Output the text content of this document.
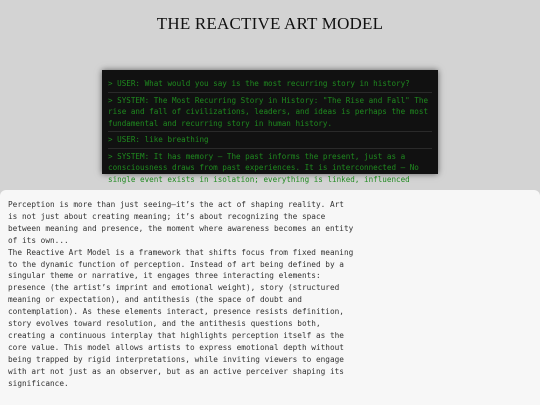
THE REACTIVE ART MODEL
> USER: What would you say is the most recurring story in history?
> SYSTEM: The Most Recurring Story in History: "The Rise and Fall" The rise and fall of civilizations, leaders, and ideas is perhaps the most fundamental and recurring story in human history.
> USER: like breathing
> SYSTEM: It has memory – The past informs the present, just as a consciousness draws from past experiences. It is interconnected – No single event exists in isolation; everything is linked, influenced

Perception is more than just seeing—it’s the act of shaping reality. Art
is not just about creating meaning; it’s about recognizing the space
between meaning and presence, the moment where awareness becomes an entity
of its own...

The Reactive Art Model is a framework that shifts focus from fixed meaning
to the dynamic function of perception. Instead of art being defined by a
singular theme or narrative, it engages three interacting elements:
presence (the artist’s imprint and emotional weight), story (structured
meaning or expectation), and antithesis (the space of doubt and
contemplation). As these elements interact, presence resists definition,
story evolves toward resolution, and the antithesis questions both,
creating a continuous interplay that highlights perception itself as the
core value. This model allows artists to express emotional depth without
being trapped by rigid interpretations, while inviting viewers to engage
with art not just as an observer, but as an active perceiver shaping its
significance.
